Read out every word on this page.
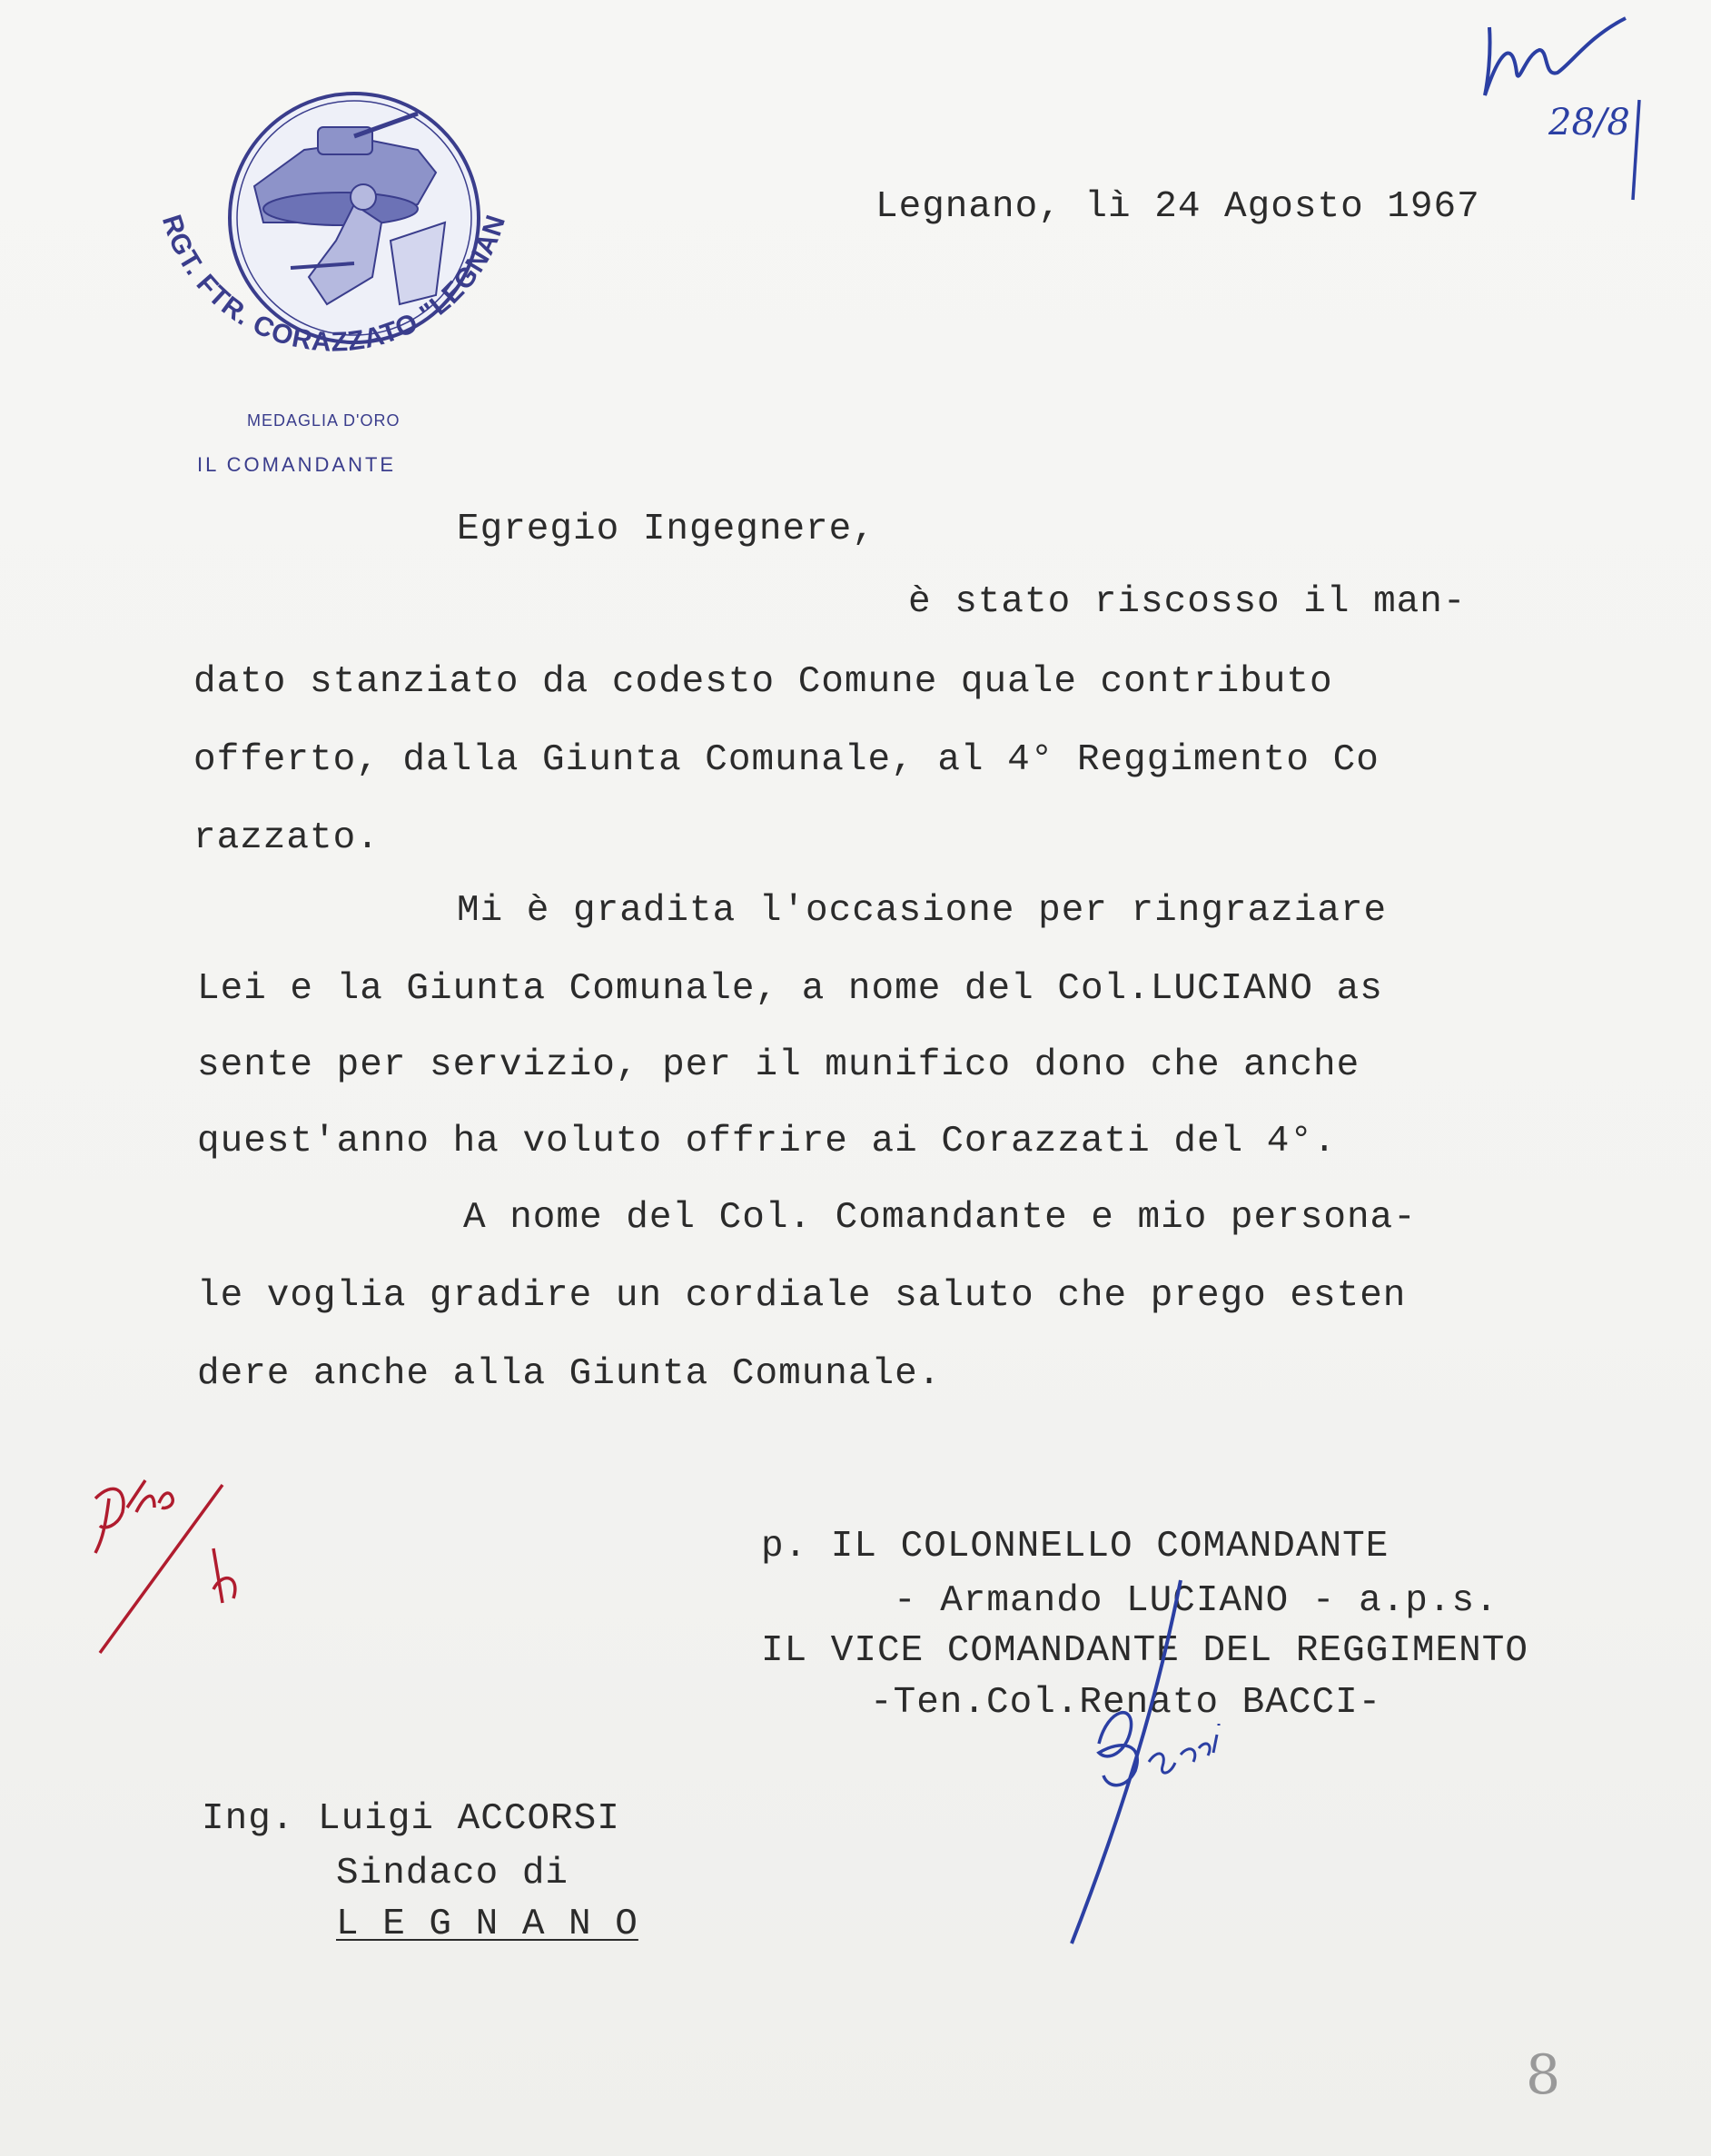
RGT. FTR. CORAZZATO "LEGNAN
MEDAGLIA D'ORO
IL COMANDANTE
Legnano, lì 24 Agosto 1967
Egregio Ingegnere,
è stato riscosso il man-
dato stanziato da codesto Comune quale contributo
offerto, dalla Giunta Comunale, al 4° Reggimento Co
razzato.
Mi è gradita l'occasione per ringraziare
Lei e la Giunta Comunale, a nome del Col.LUCIANO as
sente per servizio, per il munifico dono che anche
quest'anno ha voluto offrire ai Corazzati del 4°.
A nome del Col. Comandante e mio persona-
le voglia gradire un cordiale saluto che prego esten
dere anche alla Giunta Comunale.
p. IL COLONNELLO COMANDANTE
- Armando LUCIANO - a.p.s.
IL VICE COMANDANTE DEL REGGIMENTO
-Ten.Col.Renato BACCI-
Ing. Luigi ACCORSI
Sindaco di
L E G N A N O
28/8
8
